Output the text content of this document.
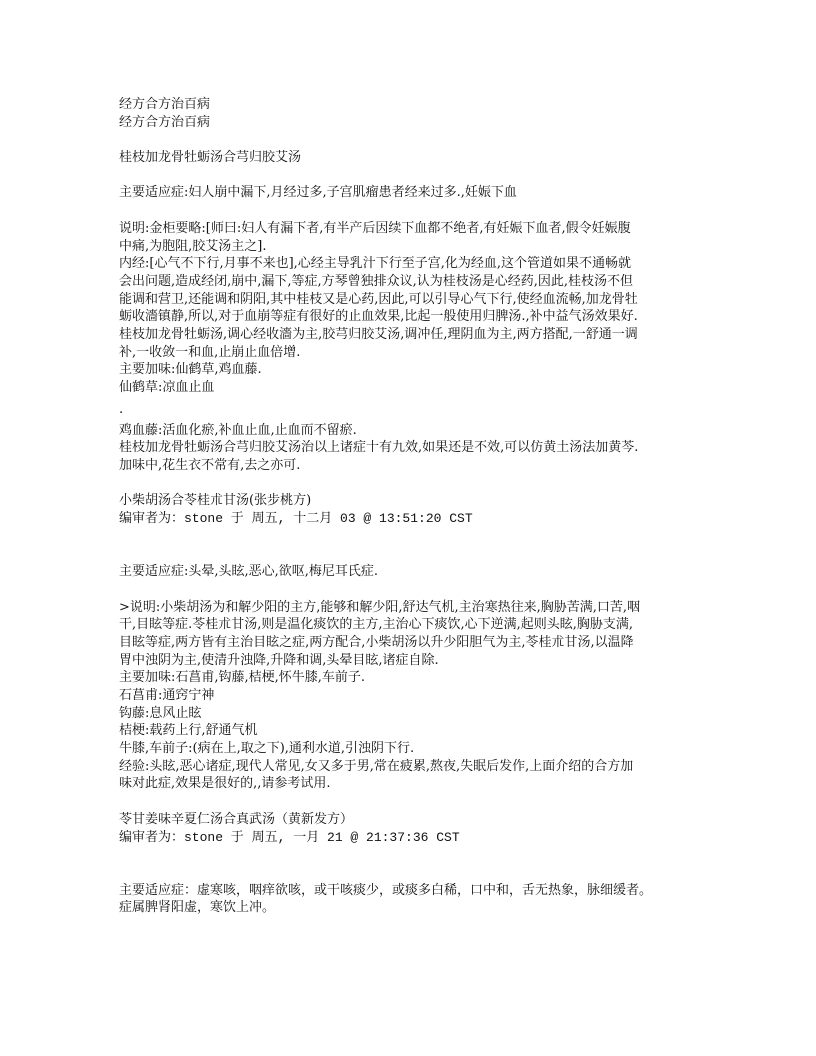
经方合方治百病
经方合方治百病
桂枝加龙骨牡蛎汤合芎归胶艾汤
主要适应症:妇人崩中漏下,月经过多,子宫肌瘤患者经来过多.,妊娠下血
说明:金柜要略:[师曰:妇人有漏下者,有半产后因续下血都不绝者,有妊娠下血者,假令妊娠腹
中痛,为胞阻,胶艾汤主之].
内经:[心气不下行,月事不来也],心经主导乳汁下行至子宫,化为经血,这个管道如果不通畅就
会出问题,造成经闭,崩中,漏下,等症,方琴曾独排众议,认为桂枝汤是心经药,因此,桂枝汤不但
能调和营卫,还能调和阴阳,其中桂枝又是心药,因此,可以引导心气下行,使经血流畅,加龙骨牡
蛎收濇镇静,所以,对于血崩等症有很好的止血效果,比起一般使用归脾汤.,补中益气汤效果好.
桂枝加龙骨牡蛎汤,调心经收濇为主,胶芎归胶艾汤,调冲任,理阴血为主,两方搭配,一舒通一调
补,一收敛一和血,止崩止血倍增.
主要加味:仙鹤草,鸡血藤.
仙鹤草:凉血止血
.
鸡血藤:活血化瘀,补血止血,止血而不留瘀.
桂枝加龙骨牡蛎汤合芎归胶艾汤治以上诸症十有九效,如果还是不效,可以仿黄土汤法加黄芩.
加味中,花生衣不常有,去之亦可.
小柴胡汤合苓桂朮甘汤(张步桃方)
编审者为：stone 于 周五, 十二月 03 @ 13:51:20 CST
主要适应症:头晕,头眩,恶心,欲呕,梅尼耳氏症.
>说明:小柴胡汤为和解少阳的主方,能够和解少阳,舒达气机,主治寒热往来,胸胁苦满,口苦,咽
干,目眩等症.苓桂朮甘汤,则是温化痰饮的主方,主治心下痰饮,心下逆满,起则头眩,胸胁支满,
目眩等症,两方皆有主治目眩之症,两方配合,小柴胡汤以升少阳胆气为主,苓桂朮甘汤,以温降
胃中浊阴为主,使清升浊降,升降和调,头晕目眩,诸症自除.
主要加味:石菖甫,钩藤,桔梗,怀牛膝,车前子.
石菖甫:通窍宁神
钩藤:息风止眩
桔梗:载药上行,舒通气机
牛膝,车前子:(病在上,取之下),通利水道,引浊阴下行.
经验:头眩,恶心诸症,现代人常见,女又多于男,常在疲累,熬夜,失眠后发作,上面介绍的合方加
味对此症,效果是很好的,,请参考试用.
苓甘姜味辛夏仁汤合真武汤（黄新发方）
编审者为：stone 于 周五, 一月 21 @ 21:37:36 CST
主要适应症：虚寒咳，咽痒欲咳，或干咳痰少，或痰多白稀，口中和，舌无热象，脉细缓者。
症属脾肾阳虚，寒饮上冲。
